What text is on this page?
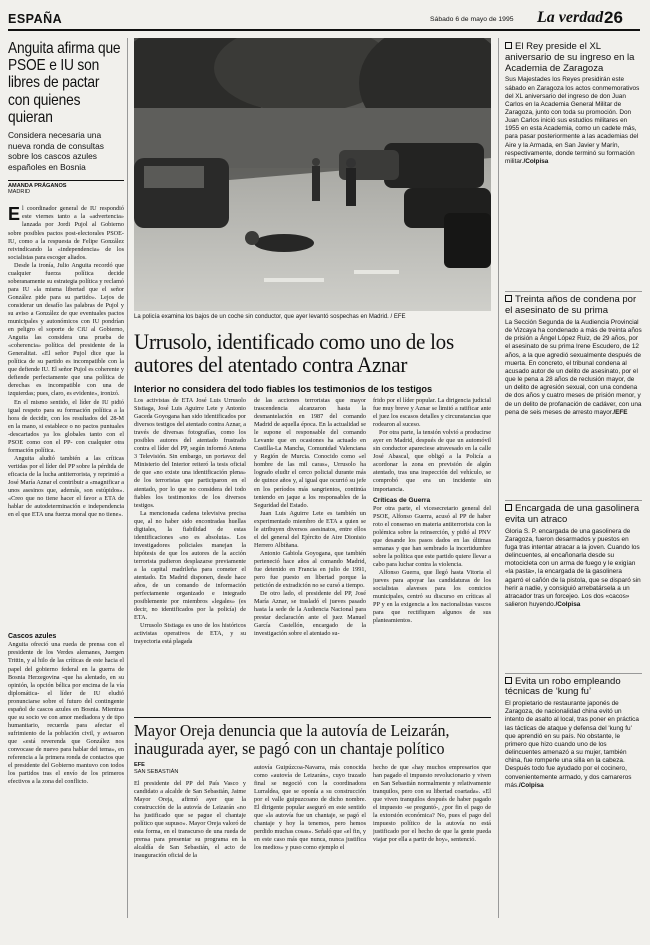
ESPAÑA	Sábado 6 de mayo de 1995 La verdad 26
Anguita afirma que PSOE e IU son libres de pactar con quienes quieran
Considera necesaria una nueva ronda de consultas sobre los cascos azules españoles en Bosnia
AMANDA PRÁGANOS
MADRID

El coordinador general de IU respondió este viernes tanto a la «advertencia» lanzada por Jordi Pujol al Gobierno sobre posibles pactos post-electorales PSOE-IU, como a la respuesta de Felipe González reivindicando la «independencia» de los socialistas para escoger aliados.

Desde la ironía, Julio Anguita recordó que cualquier fuerza política decide soberanamente su estrategia política y reclamó para IU «la misma libertad que el señor González pide para su partido». Lejos de considerar un desafío las palabras de Pujol y su aviso a González de que eventuales pactos municipales y autonómicos con IU pondrían en peligro el soporte de CiU al Gobierno, Anguita las considera una prueba de «coherencia» política del presidente de la Generalitat. «El señor Pujol dice que la política de su partido es incompatible con la que defiende IU. El señor Pujol es coherente y defiende perfectamente que una política de derechas es incompatible con una de izquierdas; pues, claro, es evidente», ironizó.

En el mismo sentido, el líder de IU pidió igual respeto para su formación política a la hora de decidir, con los resultados del 28-M en la mano, si establece o no pactos puntuales -descartados ya los globales tanto con el PSOE como con el PP- con cualquier otra formación política.

Anguita aludió también a las críticas vertidas por el líder del PP sobre la pérdida de eficacia de la lucha antiterrorista, y reprimió a José María Aznar el contribuir a «magnificar a unos asesinos que, además, son estúpidos». «Creo que no tiene hacer el favor a ETA de hablar de autodeterminación e independencia en el que ETA una fuerza moral que no tiene».

Cascos azules
Anguita ofreció una rueda de prensa con el presidente de los Verdes alemanes, Juergen Trittin, y al hilo de las críticas de este hacia el papel del gobierno federal en la guerra de Bosnia Herzegovina -que ha alentado, en su opinión, la opción bélica por encima de la vía diplomática- el líder de IU eludió pronunciarse sobre el futuro del contingente español de cascos azules en Bosnia. Mientras que su socio ve con amor mediadora y de tipo humanitario, recuerda para afectar el sufrimiento de la población civil, y avisaron que «está reverenda que González nos convocase de nuevo para hablar del tema», en referencia a la primera ronda de contactos que el presidente del Gobierno mantuvo con todos los partidos tras el envío de los primeros efectivos a la zona del conflicto.
La policía examina los bajos de un coche sin conductor, que ayer levantó sospechas en Madrid. / EFE
Urrusolo, identificado como uno de los autores del atentado contra Aznar
Interior no considera del todo fiables los testimonios de los testigos

Los activistas de ETA José Luis Urrusolo Sistiaga, José Luis Aguirre Lete y Antonio Gaceda Goyogana han sido identificados por diversos testigos del atentado contra Aznar, a través de diversas fotografías, como los posibles autores del atentado frustrado contra el líder del PP, según informó Antena 3 Televisión. Sin embargo, un portavoz del Ministerio del Interior reiteró la tesis oficial de que «no existe una identificación plena» de los terroristas que participaron en el atentado, por lo que no considera del todo fiables los testimonios de los diversos testigos.

La mencionada cadena televisiva precisa que, al no haber sido encontradas huellas digitales, la fiabilidad de estas identificaciones «no es absoluta». Los investigadores policiales manejan la hipótesis de que los autores de la acción terrorista pudieron desplazarse previamente a la capital madrileña para cometer el atentado. En Madrid disponen, desde hace años, de un comando de información perfectamente organizado e integrado posiblemente por miembros «legales» (es decir, no identificados por la policía) de ETA.

Urrusolo Sistiaga es uno de los históricos activistas operativos de ETA, y su trayectoria está plagada

de las acciones terroristas que mayor trascendencia alcanzaron hasta la desmantelación en 1987 del comando Madrid de aquella época. En la actualidad se le supone el responsable del comando Levante que en ocasiones ha actuado en Castilla-La Mancha, Comunidad Valenciana y Región de Murcia. Conocido como «el hombre de las mil caras», Urrusolo ha logrado eludir el cerco policial durante más de quince años y, al igual que ocurrió su jefe en los períodos más sangrientos, continúa teniendo en jaque a los responsables de la Seguridad del Estado.

Juan Luis Aguirre Lete es también un experimentado miembro de ETA a quien se le atribuyen diversos asesinatos, entre ellos el del general del Ejército de Aire Dionisio Herrero Albiñana.

Antonio Gabiola Goyogana, que también perteneció hace años al comando Madrid, fue detenido en Francia en julio de 1991, pero fue puesto en libertad porque la petición de extradición no se cursó a tiempo.

De otro lado, el presidente del PP, José María Aznar, se trasladó el jueves pasado hasta la sede de la Audiencia Nacional para prestar declaración ante el juez Manuel García Castellón, encargado de la investigación sobre el atentado su-

frido por el líder popular. La dirigencia judicial fue muy breve y Aznar se limitó a ratificar ante el juez los escasos detalles y circunstancias que rodearon al suceso.

Por otra parte, la tensión volvió a producirse ayer en Madrid, después de que un automóvil sin conductor apareciese atravesado en la calle José Abascal, que obligó a la Policía a acordonar la zona en previsión de algún atentado, tras una inspección del vehículo, se comprobó que era un incidente sin importancia.

Críticas de Guerra

Por otra parte, el vicesecretario general del PSOE, Alfonso Guerra, acusó al PP de haber roto el consenso en materia antiterrorista con la polémica sobre la reinserción, y pidió al PNV que desande los pasos dados en las últimas semanas y que han sembrado la incertidumbre sobre la política que este partido quiere llevar a cabo para luchar contra la violencia.

Alfonso Guerra, que llegó hasta Vitoria el jueves para apoyar las candidaturas de los socialistas alaveses para los comicios municipales, centró su discurso en críticas al PP y en la exigencia a los nacionalistas vascos para que rectifiquen algunos de sus planteamientos.

Mayor Oreja denuncia que la autovía de Leizarán, inaugurada ayer, se pagó con un chantaje político
EFE
SAN SEBASTIÁN
El presidente del PP del País Vasco y candidato a alcalde de San Sebastián, Jaime Mayor Oreja, afirmó ayer que la construcción de la autovía de Leizarán «no ha justificado que se pague el chantaje político que supuso». Mayor Oreja valoró de esta forma, en el transcurso de una rueda de prensa para presentar su programa en la alcaldía de San Sebastián, el acto de inauguración oficial de la
autovía Guipúzcoa-Navarra, más conocida como «autovía de Leizarán», cuyo trazado final se negoció con la coordinadora Lurraldea, que se oponía a su construcción por el valle guipuzcoano de dicho nombre. El dirigente popular aseguró en este sentido que «la autovía fue un chantaje, se pagó el chantaje y hoy la tenemos, pero hemos perdido muchas cosas». Señaló que «el fin, y en este caso más que nunca, nunca justifica los medios» y puso como ejemplo el
hecho de que «hay muchos empresarios que han pagado el impuesto revolucionario y viven en San Sebastián normalmente y relativamente tranquilos, pero con su libertad coartada». «El que viven tranquilos después de haber pagado el impuesto -se preguntó-, ¿por fin el pago de la extorsión económica? No, pues el pago del impuesto político de la autovía no está justificado por el hecho de que la gente pueda viajar por ella a partir de hoy», sentenció.
El Rey preside el XL aniversario de su ingreso en la Academia de Zaragoza
Sus Majestades los Reyes presidirán este sábado en Zaragoza los actos conmemorativos del XL aniversario del ingreso de don Juan Carlos en la Academia General Militar de Zaragoza, junto con toda su promoción. Don Juan Carlos inició sus estudios militares en 1955 en esta Academia, como un cadete más, para pasar posteriormente a las academias del Aire y la Armada, en San Javier y Marín, respectivamente, donde terminó su formación militar./Colpisa
Treinta años de condena por el asesinato de su prima
La Sección Segunda de la Audiencia Provincial de Vizcaya ha condenado a más de treinta años de prisión a Ángel López Ruiz, de 29 años, por el asesinato de su prima Irene Escudero, de 12 años, a la que agredió sexualmente después de muerta. En concreto, el tribunal condena al acusado autor de un delito de asesinato, por el que le pena a 28 años de reclusión mayor, de un delito de agresión sexual, con una condena de dos años y cuatro meses de prisión menor, y de un delito de profanación de cadáver, con una pena de seis meses de arresto mayor./EFE
Encargada de una gasolinera evita un atraco
Gloria S. P. encargada de una gasolinera de Zaragoza, fueron desarmados y puestos en fuga tras intentar atracar a la joven. Cuando los delincuentes, al encañonarla desde su motocicleta con un arma de fuego y le exigían «la pasta», la encargada de la gasolinera agarró el cañón de la pistola, que se disparó sin herir a nadie, y consiguió arrebatársela a un atracador tras un forcejeo. Los dos «cacos» salieron huyendo./Colpisa
Evita un robo empleando técnicas de ‘kung fu’
El propietario de restaurante japonés de Zaragoza, de nacionalidad china evitó un intento de asalto al local, tras poner en práctica las tácticas de ataque y defensa del 'kung fu' que aprendió en su país. No obstante, le primero que hizo cuando uno de los delincuentes amenazó a su mujer, también china, fue romperle una silla en la cabeza. Después todo fue ayudado por el cocinero, convenientemente armado, y dos camareros más./Colpisa
